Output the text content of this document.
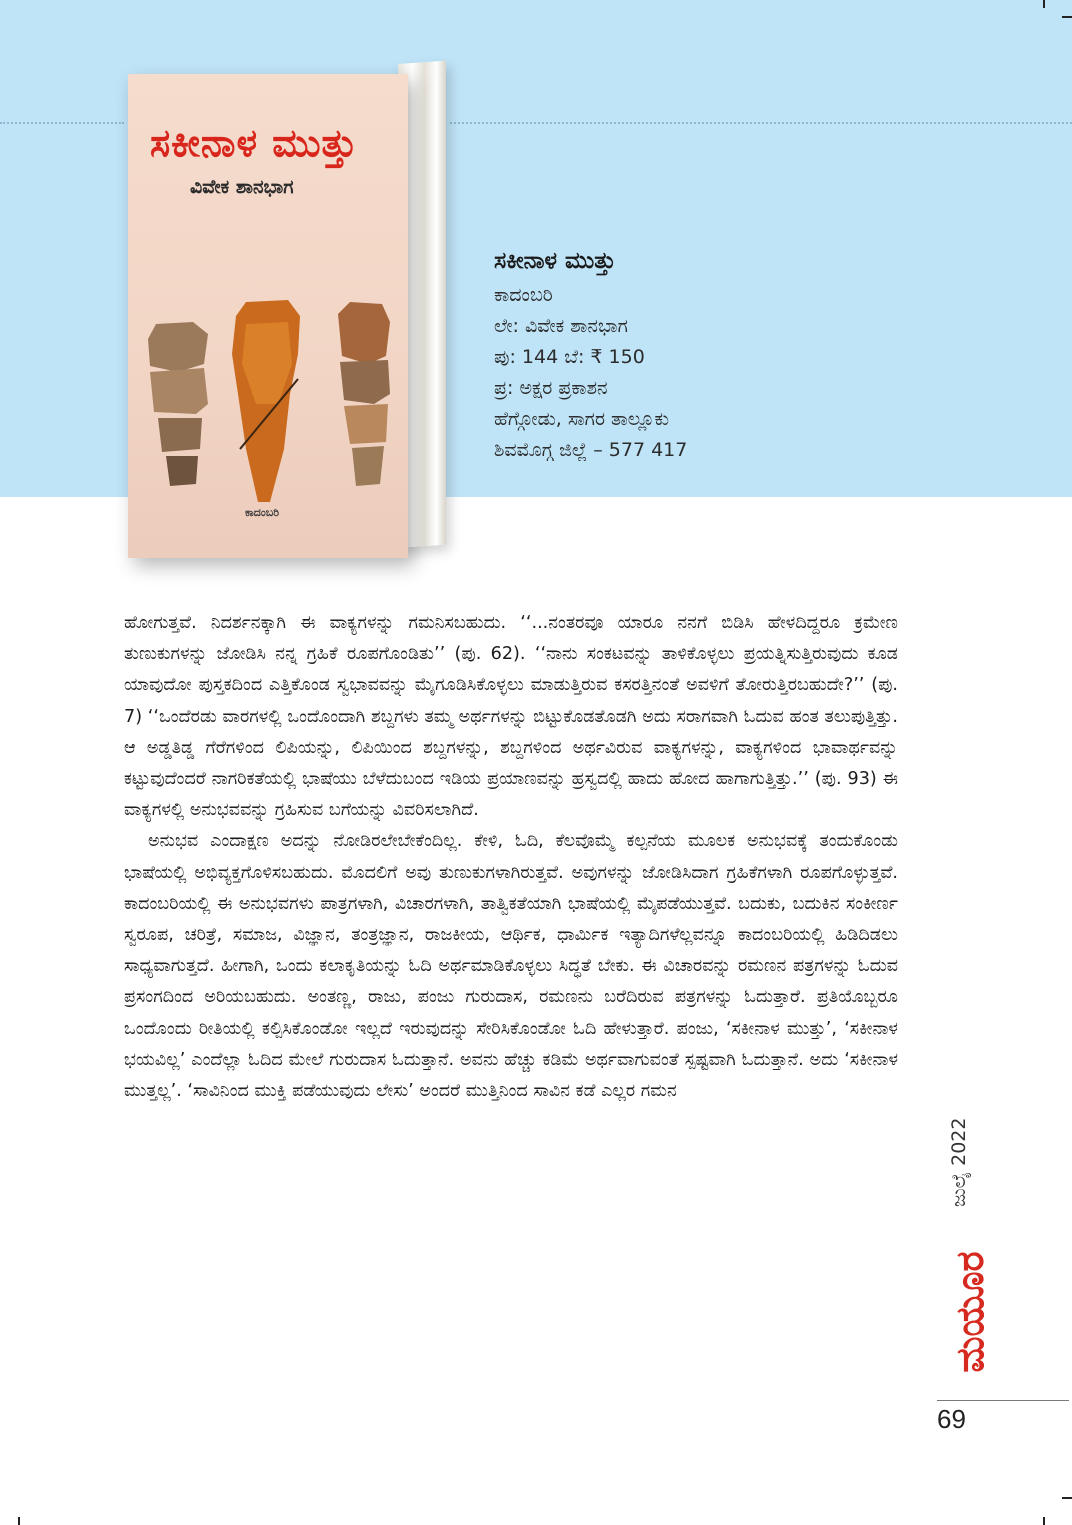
ಸಕೀನಾಳ ಮುತ್ತು
ವಿವೇಕ ಶಾನಭಾಗ
ಕಾದಂಬರಿ
ಸಕೀನಾಳ ಮುತ್ತು
ಕಾದಂಬರಿ
ಲೇ: ವಿವೇಕ ಶಾನಭಾಗ
ಪು: 144 ಬೆ: ₹ 150
ಪ್ರ: ಅಕ್ಷರ ಪ್ರಕಾಶನ
ಹೆಗ್ಗೋಡು, ಸಾಗರ ತಾಲ್ಲೂಕು
ಶಿವಮೊಗ್ಗ ಜಿಲ್ಲೆ – 577 417

ಹೋಗುತ್ತವೆ. ನಿದರ್ಶನಕ್ಕಾಗಿ ಈ ವಾಕ್ಯಗಳನ್ನು ಗಮನಿಸಬಹುದು. ‘‘...ನಂತರವೂ ಯಾರೂ ನನಗೆ ಬಿಡಿಸಿ ಹೇಳದಿದ್ದರೂ ಕ್ರಮೇಣ ತುಣುಕುಗಳನ್ನು ಜೋಡಿಸಿ ನನ್ನ ಗ್ರಹಿಕೆ ರೂಪಗೊಂಡಿತು’’ (ಪು. 62). ‘‘ನಾನು ಸಂಕಟವನ್ನು ತಾಳಿಕೊಳ್ಳಲು ಪ್ರಯತ್ನಿಸುತ್ತಿರುವುದು ಕೂಡ ಯಾವುದೋ ಪುಸ್ತಕದಿಂದ ಎತ್ತಿಕೊಂಡ ಸ್ವಭಾವವನ್ನು ಮೈಗೂಡಿಸಿಕೊಳ್ಳಲು ಮಾಡುತ್ತಿರುವ ಕಸರತ್ತಿನಂತೆ ಅವಳಿಗೆ ತೋರುತ್ತಿರಬಹುದೇ?’’ (ಪು. 7) ‘‘ಒಂದೆರಡು ವಾರಗಳಲ್ಲಿ ಒಂದೊಂದಾಗಿ ಶಬ್ದಗಳು ತಮ್ಮ ಅರ್ಥಗಳನ್ನು ಬಿಟ್ಟುಕೊಡತೊಡಗಿ ಅದು ಸರಾಗವಾಗಿ ಓದುವ ಹಂತ ತಲುಪುತ್ತಿತ್ತು. ಆ ಅಡ್ಡತಿಡ್ಡ ಗೆರೆಗಳಿಂದ ಲಿಪಿಯನ್ನು, ಲಿಪಿಯಿಂದ ಶಬ್ದಗಳನ್ನು, ಶಬ್ದಗಳಿಂದ ಅರ್ಥವಿರುವ ವಾಕ್ಯಗಳನ್ನು, ವಾಕ್ಯಗಳಿಂದ ಭಾವಾರ್ಥವನ್ನು ಕಟ್ಟುವುದೆಂದರೆ ನಾಗರಿಕತೆಯಲ್ಲಿ ಭಾಷೆಯು ಬೆಳೆದುಬಂದ ಇಡಿಯ ಪ್ರಯಾಣವನ್ನು ಹ್ರಸ್ವದಲ್ಲಿ ಹಾದು ಹೋದ ಹಾಗಾಗುತ್ತಿತ್ತು.’’ (ಪು. 93) ಈ ವಾಕ್ಯಗಳಲ್ಲಿ ಅನುಭವವನ್ನು ಗ್ರಹಿಸುವ ಬಗೆಯನ್ನು ವಿವರಿಸಲಾಗಿದೆ.

ಅನುಭವ ಎಂದಾಕ್ಷಣ ಅದನ್ನು ನೋಡಿರಲೇಬೇಕೆಂದಿಲ್ಲ. ಕೇಳಿ, ಓದಿ, ಕೆಲವೊಮ್ಮೆ ಕಲ್ಪನೆಯ ಮೂಲಕ ಅನುಭವಕ್ಕೆ ತಂದುಕೊಂಡು ಭಾಷೆಯಲ್ಲಿ ಅಭಿವ್ಯಕ್ತಗೊಳಿಸಬಹುದು. ಮೊದಲಿಗೆ ಅವು ತುಣುಕುಗಳಾಗಿರುತ್ತವೆ. ಅವುಗಳನ್ನು ಜೋಡಿಸಿದಾಗ ಗ್ರಹಿಕೆಗಳಾಗಿ ರೂಪಗೊಳ್ಳುತ್ತವೆ. ಕಾದಂಬರಿಯಲ್ಲಿ ಈ ಅನುಭವಗಳು ಪಾತ್ರಗಳಾಗಿ, ವಿಚಾರಗಳಾಗಿ, ತಾತ್ವಿಕತೆಯಾಗಿ ಭಾಷೆಯಲ್ಲಿ ಮೈಪಡೆಯುತ್ತವೆ. ಬದುಕು, ಬದುಕಿನ ಸಂಕೀರ್ಣ ಸ್ವರೂಪ, ಚರಿತ್ರೆ, ಸಮಾಜ, ವಿಜ್ಞಾನ, ತಂತ್ರಜ್ಞಾನ, ರಾಜಕೀಯ, ಆರ್ಥಿಕ, ಧಾರ್ಮಿಕ ಇತ್ಯಾದಿಗಳೆಲ್ಲವನ್ನೂ ಕಾದಂಬರಿಯಲ್ಲಿ ಹಿಡಿದಿಡಲು ಸಾಧ್ಯವಾಗುತ್ತದೆ. ಹೀಗಾಗಿ, ಒಂದು ಕಲಾಕೃತಿಯನ್ನು ಓದಿ ಅರ್ಥಮಾಡಿಕೊಳ್ಳಲು ಸಿದ್ಧತೆ ಬೇಕು. ಈ ವಿಚಾರವನ್ನು ರಮಣನ ಪತ್ರಗಳನ್ನು ಓದುವ ಪ್ರಸಂಗದಿಂದ ಅರಿಯಬಹುದು. ಅಂತಣ್ಣ, ರಾಜು, ಪಂಜು ಗುರುದಾಸ, ರಮಣನು ಬರೆದಿರುವ ಪತ್ರಗಳನ್ನು ಓದುತ್ತಾರೆ. ಪ್ರತಿಯೊಬ್ಬರೂ ಒಂದೊಂದು ರೀತಿಯಲ್ಲಿ ಕಲ್ಪಿಸಿಕೊಂಡೋ ಇಲ್ಲದೆ ಇರುವುದನ್ನು ಸೇರಿಸಿಕೊಂಡೋ ಓದಿ ಹೇಳುತ್ತಾರೆ. ಪಂಜು, ‘ಸಕೀನಾಳ ಮುತ್ತು’, ‘ಸಕೀನಾಳ ಭಯವಿಲ್ಲ’ ಎಂದೆಲ್ಲಾ ಓದಿದ ಮೇಲೆ ಗುರುದಾಸ ಓದುತ್ತಾನೆ. ಅವನು ಹೆಚ್ಚು ಕಡಿಮೆ ಅರ್ಥವಾಗುವಂತೆ ಸ್ಪಷ್ಟವಾಗಿ ಓದುತ್ತಾನೆ. ಅದು ‘ಸಕೀನಾಳ ಮುತ್ತಲ್ಲ’. ‘ಸಾವಿನಿಂದ ಮುಕ್ತಿ ಪಡೆಯುವುದು ಲೇಸು’ ಅಂದರೆ ಮುತ್ತಿನಿಂದ ಸಾವಿನ ಕಡೆ ಎಲ್ಲರ ಗಮನ

ಜುಲೈ 2022
ಮಯೂರ
69
